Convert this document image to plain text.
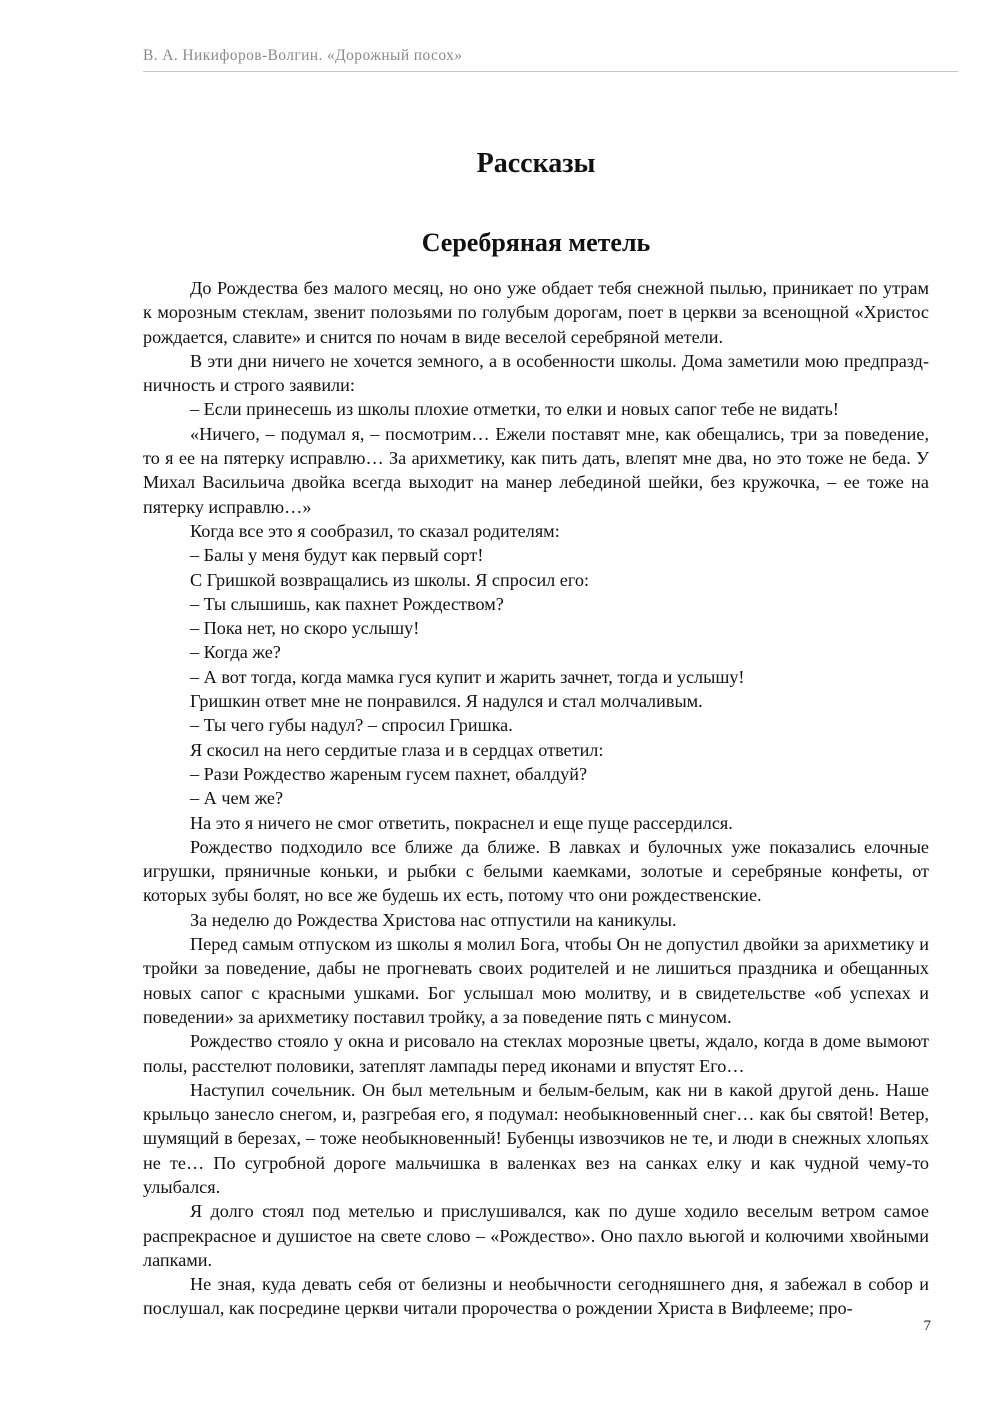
В. А. Никифоров-Волгин. «Дорожный посох»
Рассказы
Серебряная метель

До Рождества без малого месяц, но оно уже обдает тебя снежной пылью, приникает по утрам к морозным стеклам, звенит полозьями по голубым дорогам, поет в церкви за всенощной «Христос рождается, славите» и снится по ночам в виде веселой серебряной метели.

В эти дни ничего не хочется земного, а в особенности школы. Дома заметили мою предпраздничность и строго заявили:

– Если принесешь из школы плохие отметки, то елки и новых сапог тебе не видать!

«Ничего, – подумал я, – посмотрим… Ежели поставят мне, как обещались, три за поведение, то я ее на пятерку исправлю… За арихметику, как пить дать, влепят мне два, но это тоже не беда. У Михал Васильича двойка всегда выходит на манер лебединой шейки, без кружочка, – ее тоже на пятерку исправлю…»

Когда все это я сообразил, то сказал родителям:

– Балы у меня будут как первый сорт!

С Гришкой возвращались из школы. Я спросил его:

– Ты слышишь, как пахнет Рождеством?

– Пока нет, но скоро услышу!

– Когда же?

– А вот тогда, когда мамка гуся купит и жарить зачнет, тогда и услышу!

Гришкин ответ мне не понравился. Я надулся и стал молчаливым.

– Ты чего губы надул? – спросил Гришка.

Я скосил на него сердитые глаза и в сердцах ответил:

– Рази Рождество жареным гусем пахнет, обалдуй?

– А чем же?

На это я ничего не смог ответить, покраснел и еще пуще рассердился.

Рождество подходило все ближе да ближе. В лавках и булочных уже показались елочные игрушки, пряничные коньки, и рыбки с белыми каемками, золотые и серебряные конфеты, от которых зубы болят, но все же будешь их есть, потому что они рождественские.

За неделю до Рождества Христова нас отпустили на каникулы.

Перед самым отпуском из школы я молил Бога, чтобы Он не допустил двойки за арихметику и тройки за поведение, дабы не прогневать своих родителей и не лишиться праздника и обещанных новых сапог с красными ушками. Бог услышал мою молитву, и в свидетельстве «об успехах и поведении» за арихметику поставил тройку, а за поведение пять с минусом.

Рождество стояло у окна и рисовало на стеклах морозные цветы, ждало, когда в доме вымоют полы, расстелют половики, затеплят лампады перед иконами и впустят Его…

Наступил сочельник. Он был метельным и белым-белым, как ни в какой другой день. Наше крыльцо занесло снегом, и, разгребая его, я подумал: необыкновенный снег… как бы святой! Ветер, шумящий в березах, – тоже необыкновенный! Бубенцы извозчиков не те, и люди в снежных хлопьях не те… По сугробной дороге мальчишка в валенках вез на санках елку и как чудной чему-то улыбался.

Я долго стоял под метелью и прислушивался, как по душе ходило веселым ветром самое распрекрасное и душистое на свете слово – «Рождество». Оно пахло вьюгой и колючими хвойными лапками.

Не зная, куда девать себя от белизны и необычности сегодняшнего дня, я забежал в собор и послушал, как посредине церкви читали пророчества о рождении Христа в Вифлееме; про-

7
